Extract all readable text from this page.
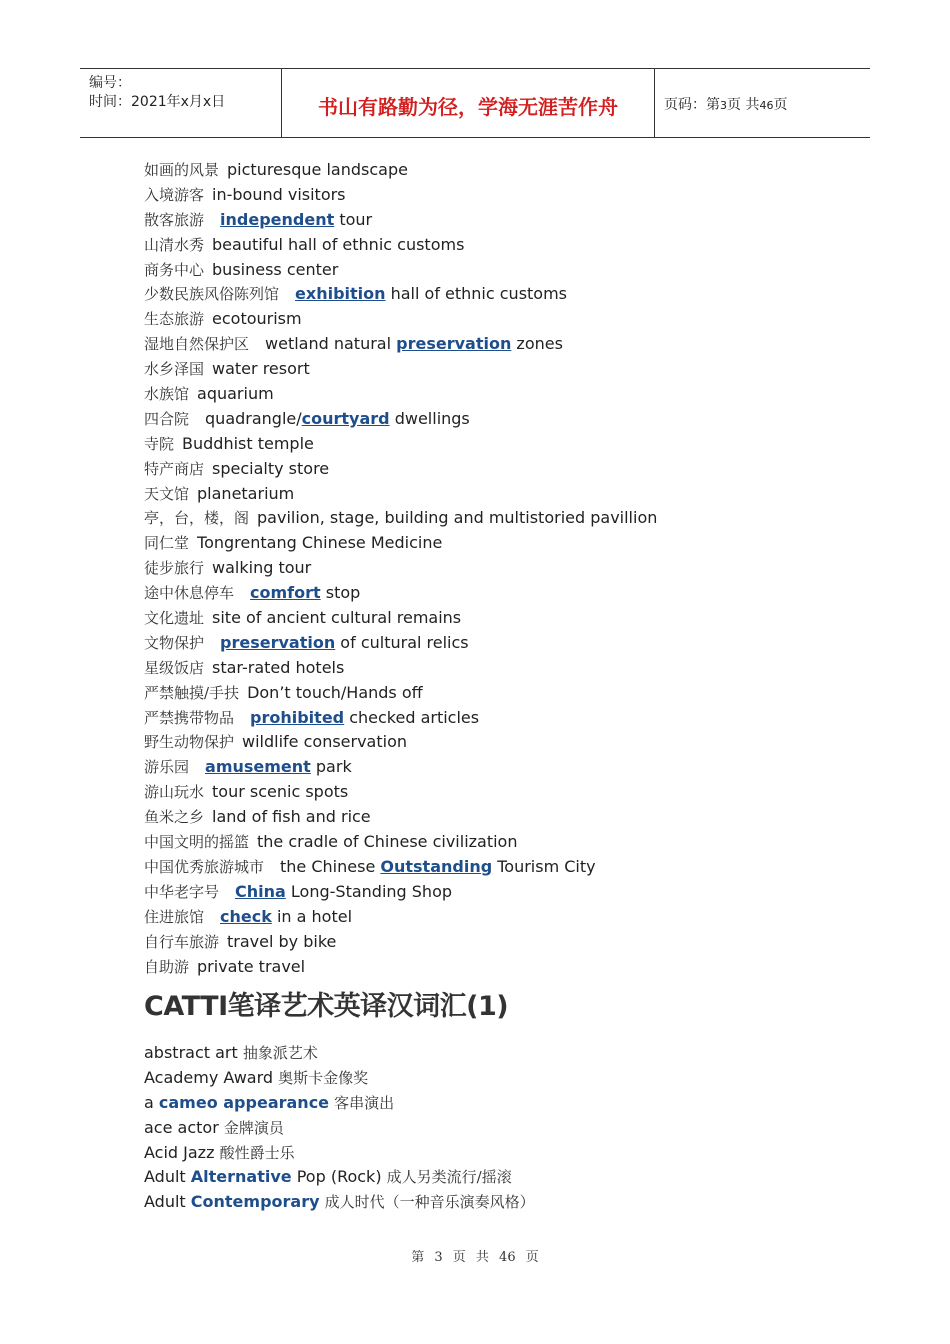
编号：
时间：2021年x月x日	书山有路勤为径，学海无涯苦作舟	页码：第3页 共46页
如画的风景 picturesque landscape
入境游客 in-bound visitors
散客旅游 independent tour
山清水秀 beautiful hall of ethnic customs
商务中心 business center
少数民族风俗陈列馆 exhibition hall of ethnic customs
生态旅游 ecotourism
湿地自然保护区 wetland natural preservation zones
水乡泽国 water resort
水族馆 aquarium
四合院 quadrangle/courtyard dwellings
寺院 Buddhist temple
特产商店 specialty store
天文馆 planetarium
亭，台，楼，阁 pavilion, stage, building and multistoried pavillion
同仁堂 Tongrentang Chinese Medicine
徒步旅行 walking tour
途中休息停车 comfort stop
文化遗址 site of ancient cultural remains
文物保护 preservation of cultural relics
星级饭店 star-rated hotels
严禁触摸/手扶 Don’t touch/Hands off
严禁携带物品 prohibited checked articles
野生动物保护 wildlife conservation
游乐园 amusement park
游山玩水 tour scenic spots
鱼米之乡 land of fish and rice
中国文明的摇篮 the cradle of Chinese civilization
中国优秀旅游城市 the Chinese Outstanding Tourism City
中华老字号 China Long-Standing Shop
住进旅馆 check in a hotel
自行车旅游 travel by bike
自助游 private travel
CATTI笔译艺术英译汉词汇(1)
abstract art 抽象派艺术
Academy Award 奥斯卡金像奖
a cameo appearance 客串演出
ace actor 金牌演员
Acid Jazz 酸性爵士乐
Adult Alternative Pop (Rock) 成人另类流行/摇滚
Adult Contemporary 成人时代（一种音乐演奏风格）
第 3 页 共 46 页
